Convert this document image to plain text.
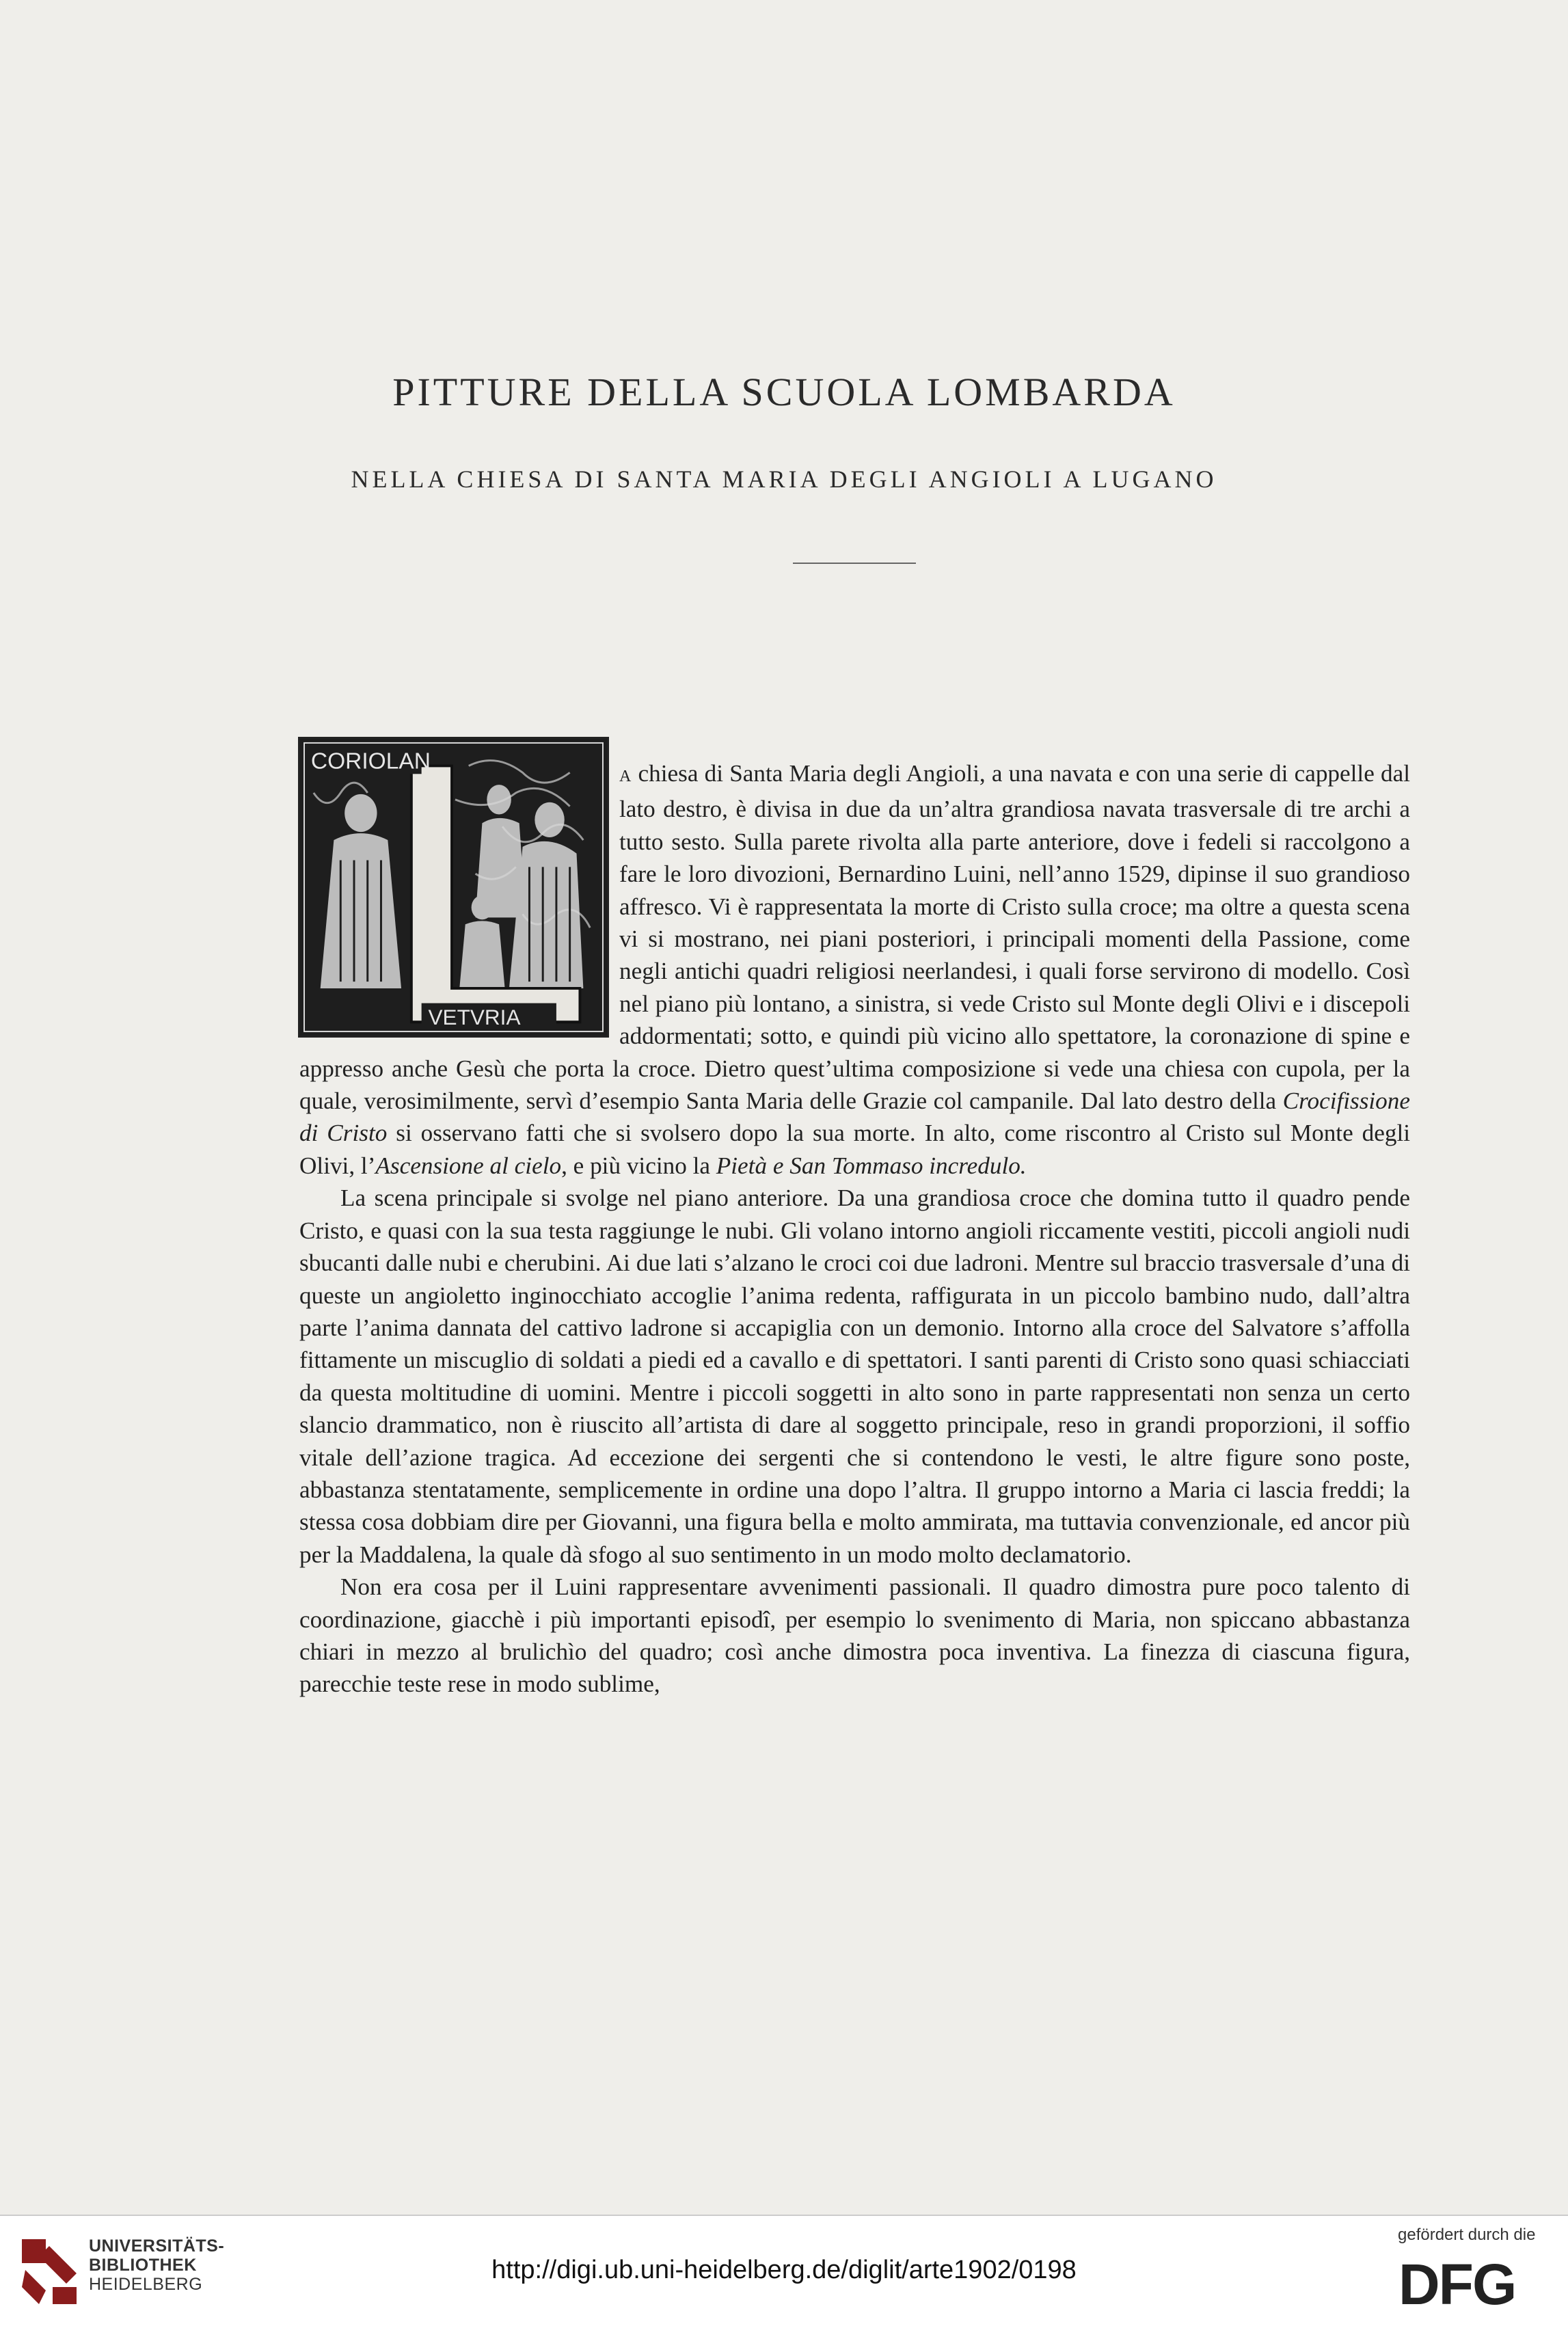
PITTURE DELLA SCUOLA LOMBARDA
NELLA CHIESA DI SANTA MARIA DEGLI ANGIOLI A LUGANO
CORIOLAN
VETVRIA

A chiesa di Santa Maria degli Angioli, a una navata e con una serie di cappelle dal lato destro, è divisa in due da un’altra grandiosa navata trasversale di tre archi a tutto sesto. Sulla parete rivolta alla parte anteriore, dove i fedeli si raccolgono a fare le loro divozioni, Bernardino Luini, nell’anno 1529, dipinse il suo grandioso affresco. Vi è rappresentata la morte di Cristo sulla croce; ma oltre a questa scena vi si mostrano, nei piani posteriori, i principali momenti della Passione, come negli antichi quadri religiosi neerlandesi, i quali forse servirono di modello. Così nel piano più lontano, a sinistra, si vede Cristo sul Monte degli Olivi e i discepoli addormentati; sotto, e quindi più vicino allo spettatore, la coronazione di spine e appresso anche Gesù che porta la croce. Dietro quest’ultima composizione si vede una chiesa con cupola, per la quale, verosimilmente, servì d’esempio Santa Maria delle Grazie col campanile. Dal lato destro della Crocifissione di Cristo si osservano fatti che si svolsero dopo la sua morte. In alto, come riscontro al Cristo sul Monte degli Olivi, l’Ascensione al cielo, e più vicino la Pietà e San Tommaso incredulo.

La scena principale si svolge nel piano anteriore. Da una grandiosa croce che domina tutto il quadro pende Cristo, e quasi con la sua testa raggiunge le nubi. Gli volano intorno angioli riccamente vestiti, piccoli angioli nudi sbucanti dalle nubi e cherubini. Ai due lati s’alzano le croci coi due ladroni. Mentre sul braccio trasversale d’una di queste un angioletto inginocchiato accoglie l’anima redenta, raffigurata in un piccolo bambino nudo, dall’altra parte l’anima dannata del cattivo ladrone si accapiglia con un demonio. Intorno alla croce del Salvatore s’affolla fittamente un miscuglio di soldati a piedi ed a cavallo e di spettatori. I santi parenti di Cristo sono quasi schiacciati da questa moltitudine di uomini. Mentre i piccoli soggetti in alto sono in parte rappresentati non senza un certo slancio drammatico, non è riuscito all’artista di dare al soggetto principale, reso in grandi proporzioni, il soffio vitale dell’azione tragica. Ad eccezione dei sergenti che si contendono le vesti, le altre figure sono poste, abbastanza stentatamente, semplicemente in ordine una dopo l’altra. Il gruppo intorno a Maria ci lascia freddi; la stessa cosa dobbiam dire per Giovanni, una figura bella e molto ammirata, ma tuttavia convenzionale, ed ancor più per la Maddalena, la quale dà sfogo al suo sentimento in un modo molto declamatorio.

Non era cosa per il Luini rappresentare avvenimenti passionali. Il quadro dimostra pure poco talento di coordinazione, giacchè i più importanti episodî, per esempio lo svenimento di Maria, non spiccano abbastanza chiari in mezzo al brulichìo del quadro; così anche dimostra poca inventiva. La finezza di ciascuna figura, parecchie teste rese in modo sublime,

UNIVERSITÄTS-
BIBLIOTHEK
HEIDELBERG	http://digi.ub.uni-heidelberg.de/diglit/arte1902/0198
gefördert durch die
DFG
